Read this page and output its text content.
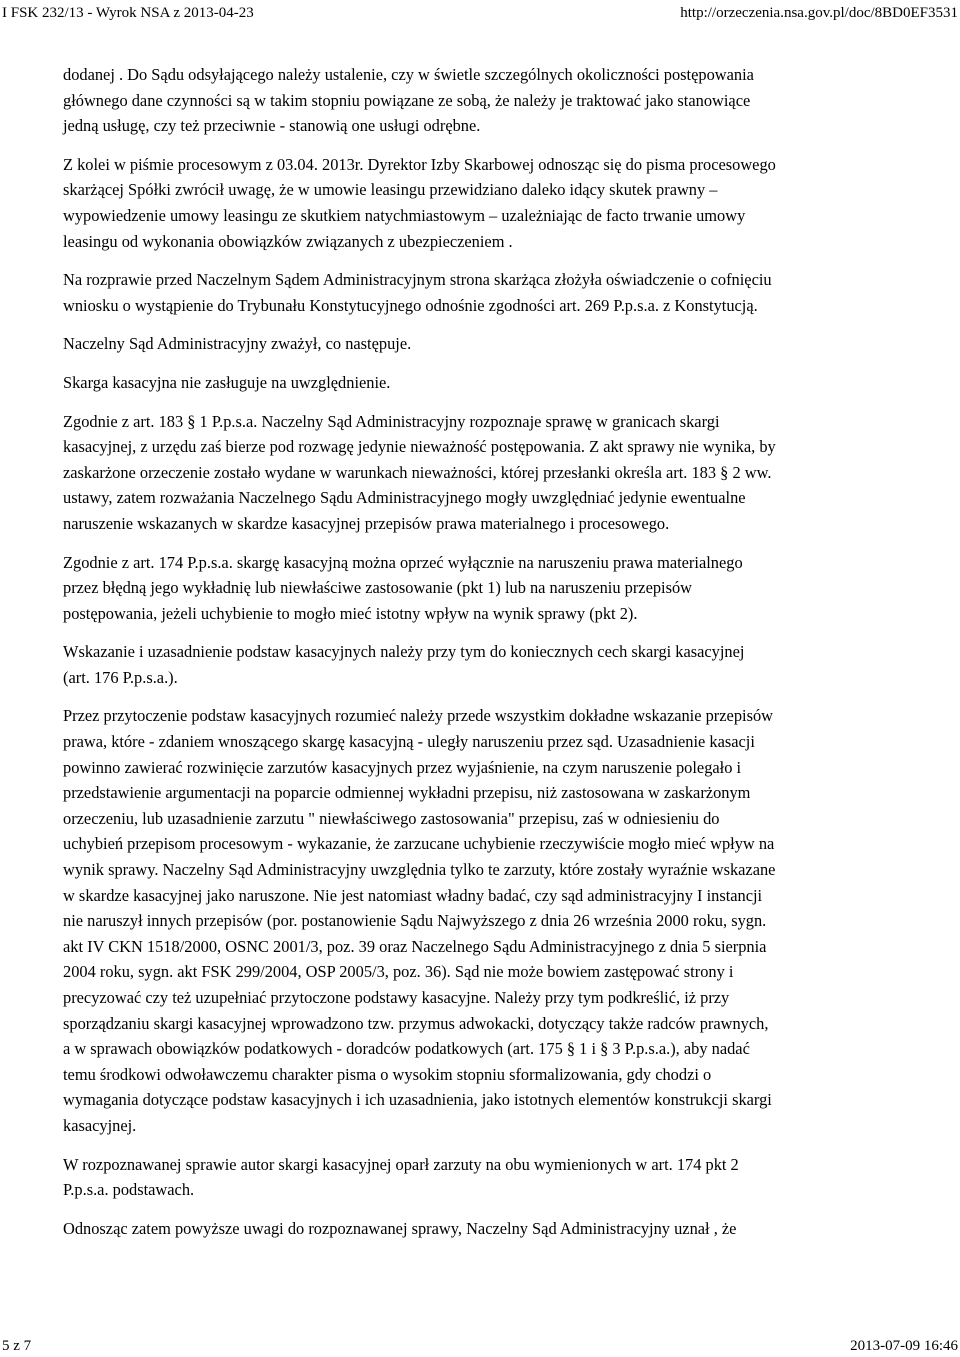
I FSK 232/13 - Wyrok NSA z 2013-04-23	http://orzeczenia.nsa.gov.pl/doc/8BD0EF3531

dodanej . Do Sądu odsyłającego należy ustalenie, czy w świetle szczególnych okoliczności postępowania
głównego dane czynności są w takim stopniu powiązane ze sobą, że należy je traktować jako stanowiące
jedną usługę, czy też przeciwnie - stanowią one usługi odrębne.

Z kolei w piśmie procesowym z 03.04. 2013r. Dyrektor Izby Skarbowej odnosząc się do pisma procesowego
skarżącej Spółki zwrócił uwagę, że w umowie leasingu przewidziano daleko idący skutek prawny –
wypowiedzenie umowy leasingu ze skutkiem natychmiastowym – uzależniając de facto trwanie umowy
leasingu od wykonania obowiązków związanych z ubezpieczeniem .

Na rozprawie przed Naczelnym Sądem Administracyjnym strona skarżąca złożyła oświadczenie o cofnięciu
wniosku o wystąpienie do Trybunału Konstytucyjnego odnośnie zgodności art. 269 P.p.s.a. z Konstytucją.

Naczelny Sąd Administracyjny zważył, co następuje.

Skarga kasacyjna nie zasługuje na uwzględnienie.

Zgodnie z art. 183 § 1 P.p.s.a. Naczelny Sąd Administracyjny rozpoznaje sprawę w granicach skargi
kasacyjnej, z urzędu zaś bierze pod rozwagę jedynie nieważność postępowania. Z akt sprawy nie wynika, by
zaskarżone orzeczenie zostało wydane w warunkach nieważności, której przesłanki określa art. 183 § 2 ww.
ustawy, zatem rozważania Naczelnego Sądu Administracyjnego mogły uwzględniać jedynie ewentualne
naruszenie wskazanych w skardze kasacyjnej przepisów prawa materialnego i procesowego.

Zgodnie z art. 174 P.p.s.a. skargę kasacyjną można oprzeć wyłącznie na naruszeniu prawa materialnego
przez błędną jego wykładnię lub niewłaściwe zastosowanie (pkt 1) lub na naruszeniu przepisów
postępowania, jeżeli uchybienie to mogło mieć istotny wpływ na wynik sprawy (pkt 2).

Wskazanie i uzasadnienie podstaw kasacyjnych należy przy tym do koniecznych cech skargi kasacyjnej
(art. 176 P.p.s.a.).

Przez przytoczenie podstaw kasacyjnych rozumieć należy przede wszystkim dokładne wskazanie przepisów
prawa, które - zdaniem wnoszącego skargę kasacyjną - uległy naruszeniu przez sąd. Uzasadnienie kasacji
powinno zawierać rozwinięcie zarzutów kasacyjnych przez wyjaśnienie, na czym naruszenie polegało i
przedstawienie argumentacji na poparcie odmiennej wykładni przepisu, niż zastosowana w zaskarżonym
orzeczeniu, lub uzasadnienie zarzutu " niewłaściwego zastosowania" przepisu, zaś w odniesieniu do
uchybień przepisom procesowym - wykazanie, że zarzucane uchybienie rzeczywiście mogło mieć wpływ na
wynik sprawy. Naczelny Sąd Administracyjny uwzględnia tylko te zarzuty, które zostały wyraźnie wskazane
w skardze kasacyjnej jako naruszone. Nie jest natomiast władny badać, czy sąd administracyjny I instancji
nie naruszył innych przepisów (por. postanowienie Sądu Najwyższego z dnia 26 września 2000 roku, sygn.
akt IV CKN 1518/2000, OSNC 2001/3, poz. 39 oraz Naczelnego Sądu Administracyjnego z dnia 5 sierpnia
2004 roku, sygn. akt FSK 299/2004, OSP 2005/3, poz. 36). Sąd nie może bowiem zastępować strony i
precyzować czy też uzupełniać przytoczone podstawy kasacyjne. Należy przy tym podkreślić, iż przy
sporządzaniu skargi kasacyjnej wprowadzono tzw. przymus adwokacki, dotyczący także radców prawnych,
a w sprawach obowiązków podatkowych - doradców podatkowych (art. 175 § 1 i § 3 P.p.s.a.), aby nadać
temu środkowi odwoławczemu charakter pisma o wysokim stopniu sformalizowania, gdy chodzi o
wymagania dotyczące podstaw kasacyjnych i ich uzasadnienia, jako istotnych elementów konstrukcji skargi
kasacyjnej.

W rozpoznawanej sprawie autor skargi kasacyjnej oparł zarzuty na obu wymienionych w art. 174 pkt 2
P.p.s.a. podstawach.

Odnosząc zatem powyższe uwagi do rozpoznawanej sprawy, Naczelny Sąd Administracyjny uznał , że

5 z 7	2013-07-09 16:46
